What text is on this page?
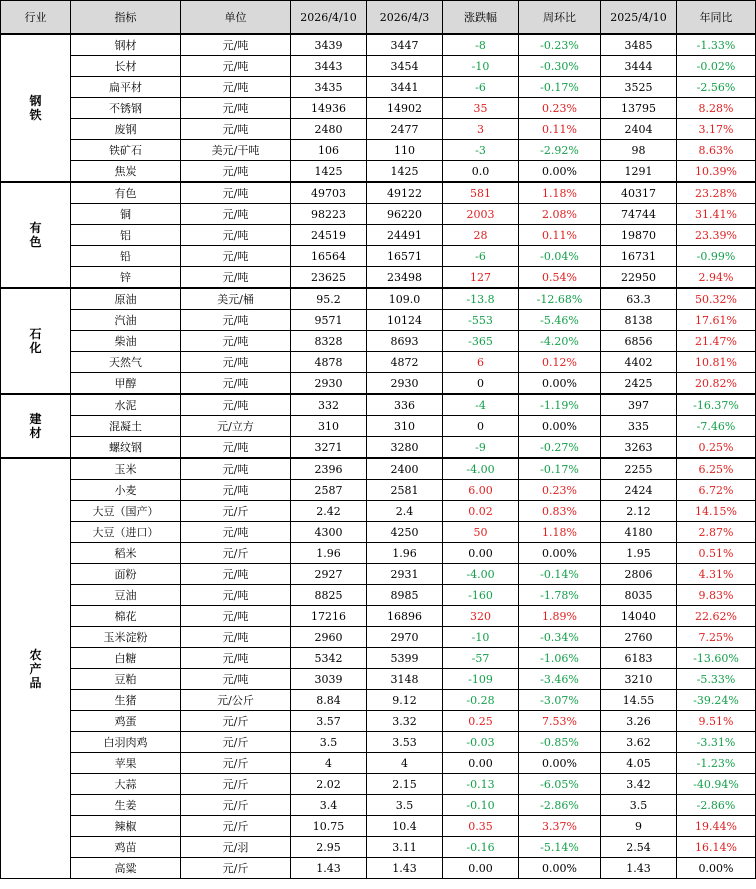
行业	指标	单位	2026/4/10	2026/4/3	涨跌幅	周环比	2025/4/10	年同比
钢铁	钢材	元/吨	3439	3447	-8	-0.23%	3485	-1.33%
	长材	元/吨	3443	3454	-10	-0.30%	3444	-0.02%
	扁平材	元/吨	3435	3441	-6	-0.17%	3525	-2.56%
	不锈钢	元/吨	14936	14902	35	0.23%	13795	8.28%
	废钢	元/吨	2480	2477	3	0.11%	2404	3.17%
	铁矿石	美元/干吨	106	110	-3	-2.92%	98	8.63%
	焦炭	元/吨	1425	1425	0.0	0.00%	1291	10.39%
有色	有色	元/吨	49703	49122	581	1.18%	40317	23.28%
	铜	元/吨	98223	96220	2003	2.08%	74744	31.41%
	铝	元/吨	24519	24491	28	0.11%	19870	23.39%
	铅	元/吨	16564	16571	-6	-0.04%	16731	-0.99%
	锌	元/吨	23625	23498	127	0.54%	22950	2.94%
石化	原油	美元/桶	95.2	109.0	-13.8	-12.68%	63.3	50.32%
	汽油	元/吨	9571	10124	-553	-5.46%	8138	17.61%
	柴油	元/吨	8328	8693	-365	-4.20%	6856	21.47%
	天然气	元/吨	4878	4872	6	0.12%	4402	10.81%
	甲醇	元/吨	2930	2930	0	0.00%	2425	20.82%
建材	水泥	元/吨	332	336	-4	-1.19%	397	-16.37%
	混凝土	元/立方	310	310	0	0.00%	335	-7.46%
	螺纹钢	元/吨	3271	3280	-9	-0.27%	3263	0.25%
农产品	玉米	元/吨	2396	2400	-4.00	-0.17%	2255	6.25%
	小麦	元/吨	2587	2581	6.00	0.23%	2424	6.72%
	大豆（国产）	元/斤	2.42	2.4	0.02	0.83%	2.12	14.15%
	大豆（进口）	元/吨	4300	4250	50	1.18%	4180	2.87%
	稻米	元/斤	1.96	1.96	0.00	0.00%	1.95	0.51%
	面粉	元/吨	2927	2931	-4.00	-0.14%	2806	4.31%
	豆油	元/吨	8825	8985	-160	-1.78%	8035	9.83%
	棉花	元/吨	17216	16896	320	1.89%	14040	22.62%
	玉米淀粉	元/吨	2960	2970	-10	-0.34%	2760	7.25%
	白糖	元/吨	5342	5399	-57	-1.06%	6183	-13.60%
	豆粕	元/吨	3039	3148	-109	-3.46%	3210	-5.33%
	生猪	元/公斤	8.84	9.12	-0.28	-3.07%	14.55	-39.24%
	鸡蛋	元/斤	3.57	3.32	0.25	7.53%	3.26	9.51%
	白羽肉鸡	元/斤	3.5	3.53	-0.03	-0.85%	3.62	-3.31%
	苹果	元/斤	4	4	0.00	0.00%	4.05	-1.23%
	大蒜	元/斤	2.02	2.15	-0.13	-6.05%	3.42	-40.94%
	生姜	元/斤	3.4	3.5	-0.10	-2.86%	3.5	-2.86%
	辣椒	元/斤	10.75	10.4	0.35	3.37%	9	19.44%
	鸡苗	元/羽	2.95	3.11	-0.16	-5.14%	2.54	16.14%
	高粱	元/斤	1.43	1.43	0.00	0.00%	1.43	0.00%
